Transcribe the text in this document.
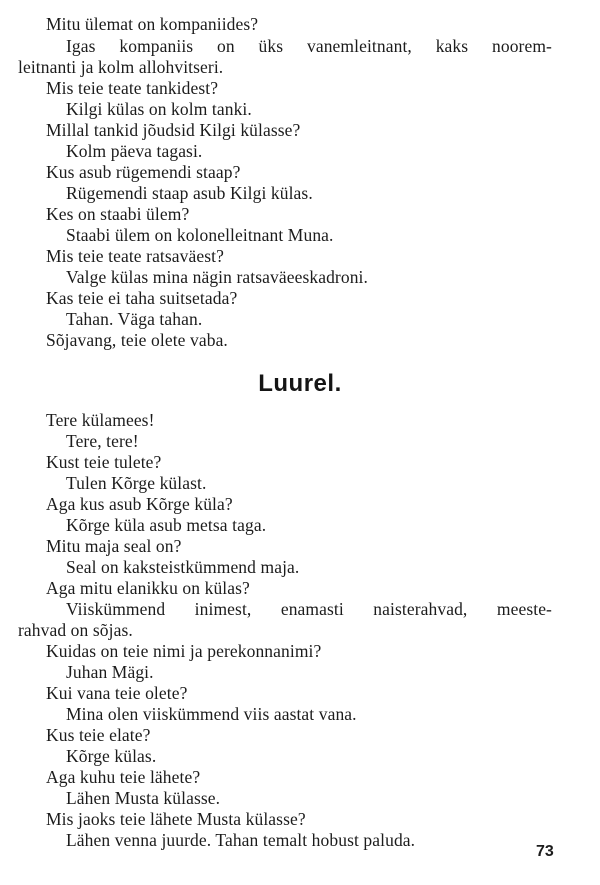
Mitu ülemat on kompaniides?
Igas kompaniis on üks vanemleitnant, kaks noorem-
leitnanti ja kolm allohvitseri.
Mis teie teate tankidest?
Kilgi külas on kolm tanki.
Millal tankid jõudsid Kilgi külasse?
Kolm päeva tagasi.
Kus asub rügemendi staap?
Rügemendi staap asub Kilgi külas.
Kes on staabi ülem?
Staabi ülem on kolonelleitnant Muna.
Mis teie teate ratsaväest?
Valge külas mina nägin ratsaväeeskadroni.
Kas teie ei taha suitsetada?
Tahan. Väga tahan.
Sõjavang, teie olete vaba.
Luurel.
Tere külamees!
Tere, tere!
Kust teie tulete?
Tulen Kõrge külast.
Aga kus asub Kõrge küla?
Kõrge küla asub metsa taga.
Mitu maja seal on?
Seal on kaksteistkümmend maja.
Aga mitu elanikku on külas?
Viiskümmend inimest, enamasti naisterahvad, meeste-
rahvad on sõjas.
Kuidas on teie nimi ja perekonnanimi?
Juhan Mägi.
Kui vana teie olete?
Mina olen viiskümmend viis aastat vana.
Kus teie elate?
Kõrge külas.
Aga kuhu teie lähete?
Lähen Musta külasse.
Mis jaoks teie lähete Musta külasse?
Lähen venna juurde. Tahan temalt hobust paluda.
73
